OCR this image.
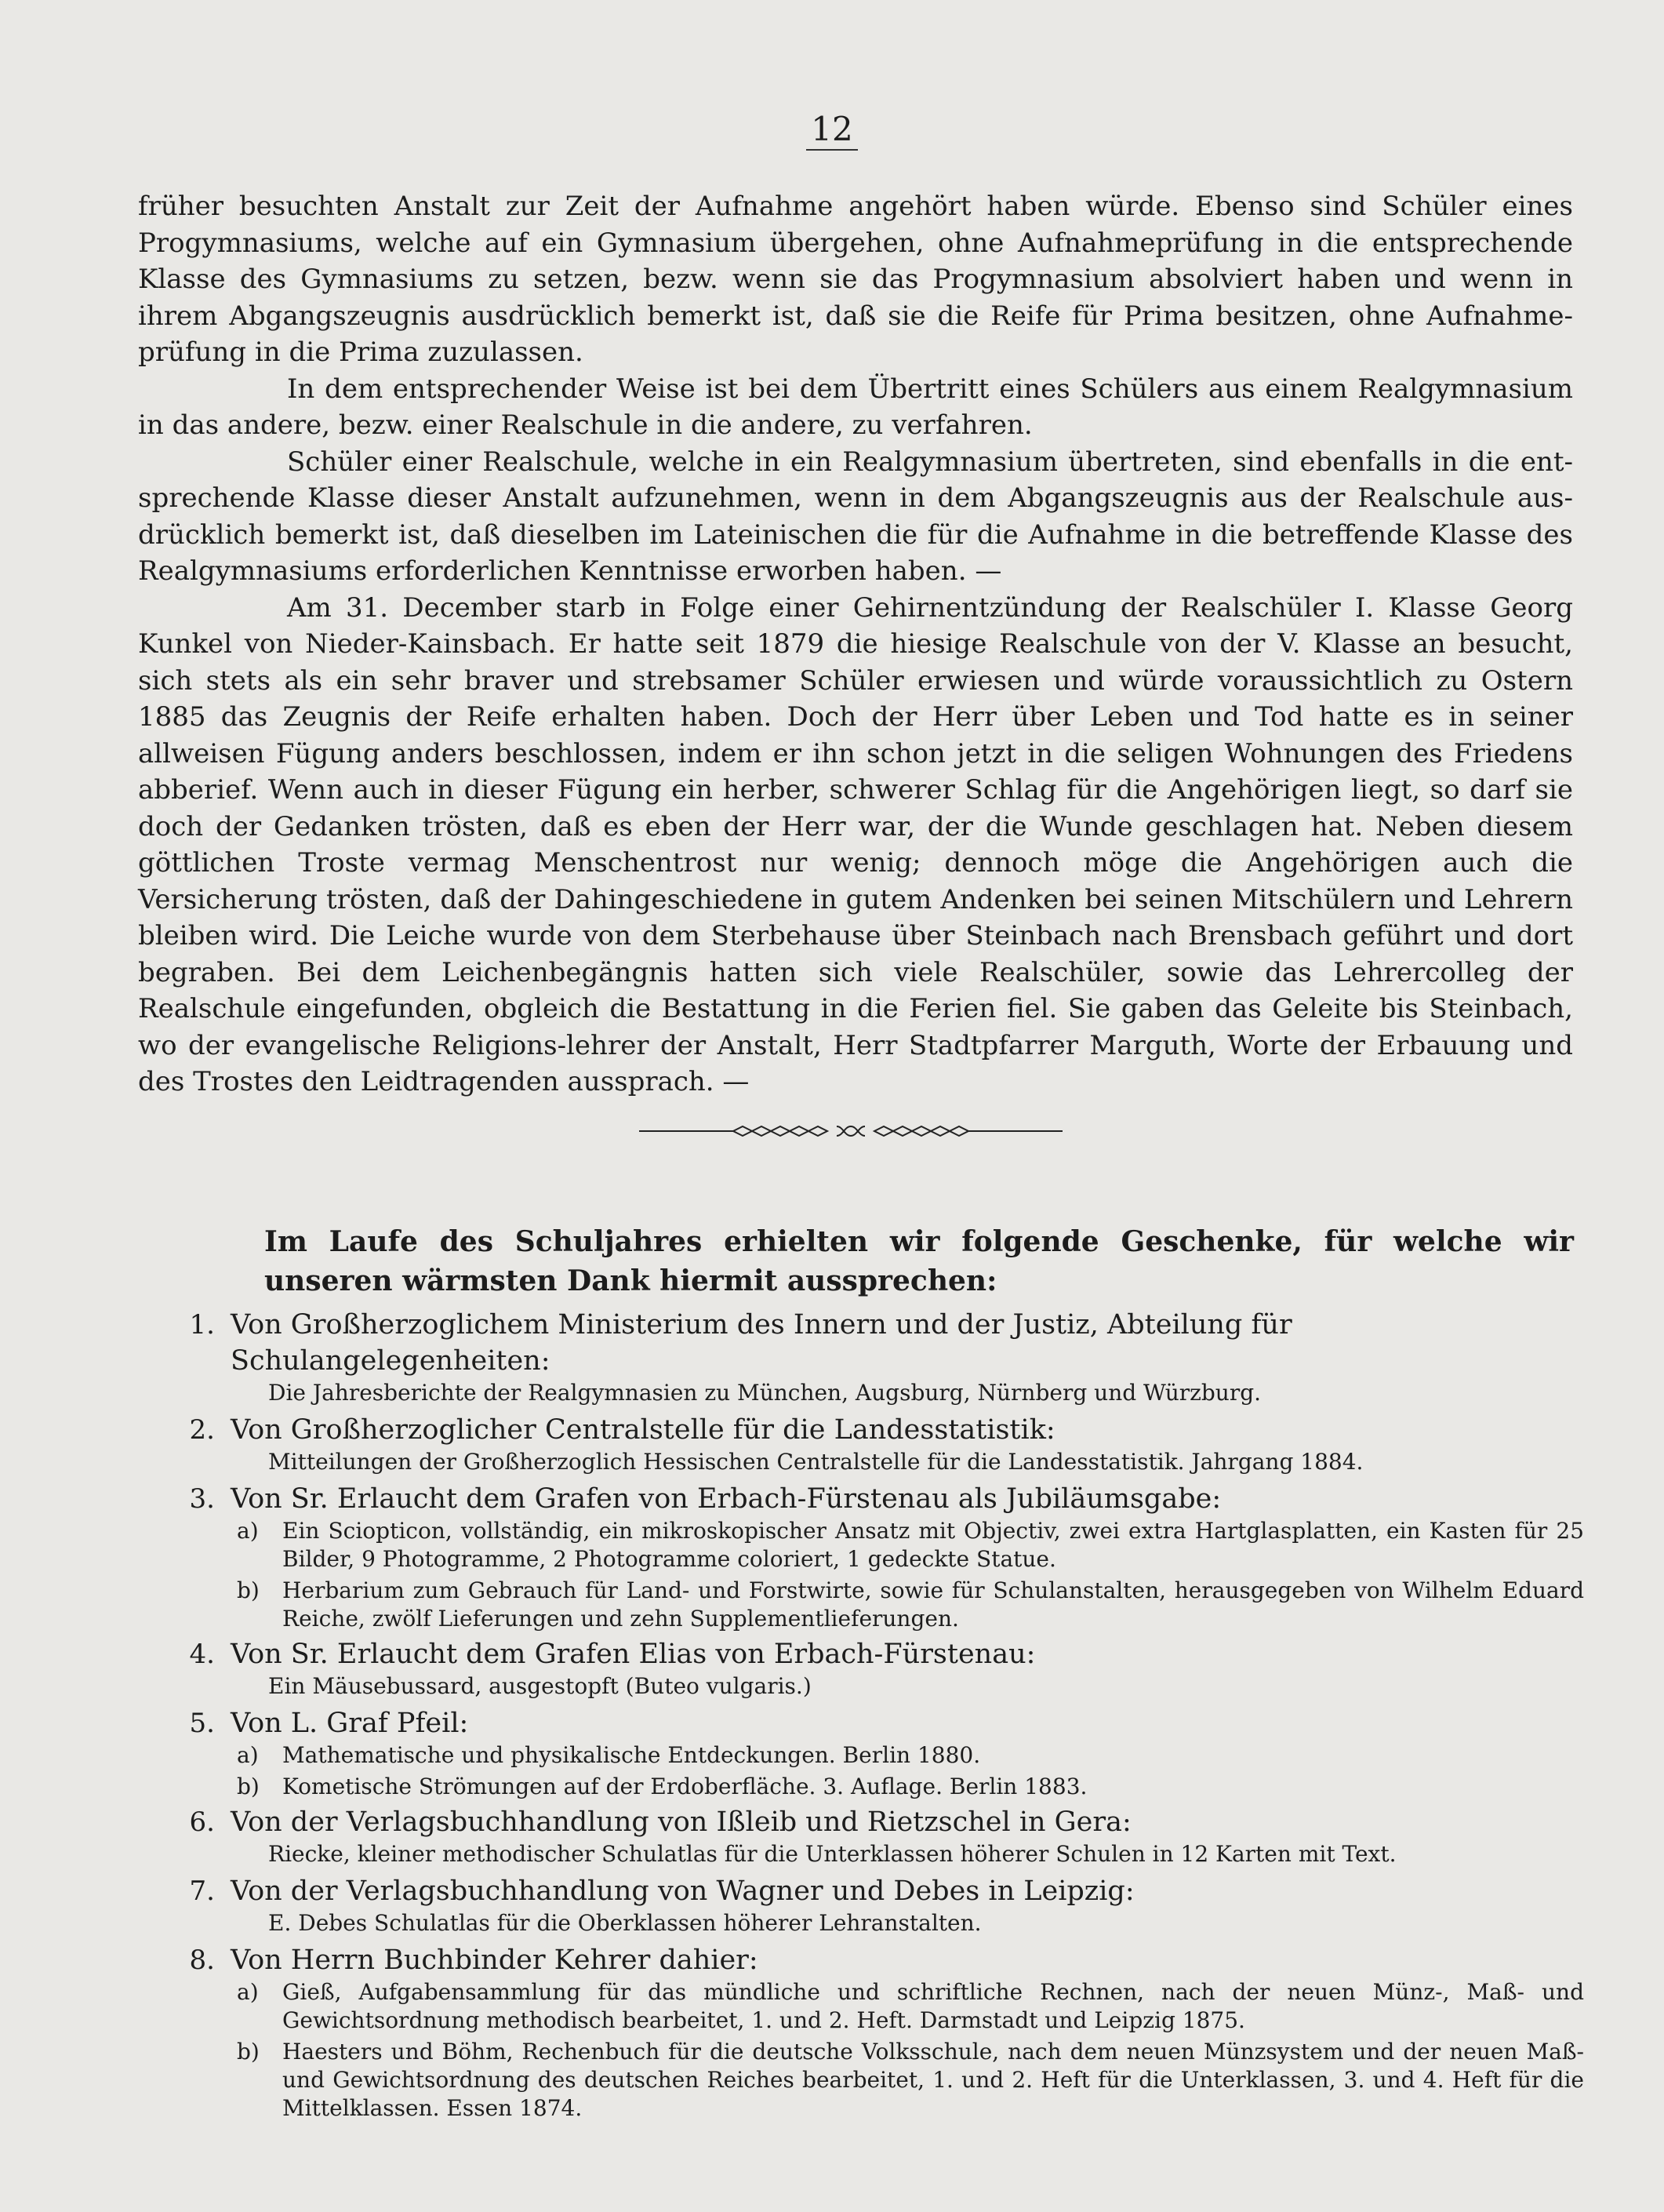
12

früher besuchten Anstalt zur Zeit der Aufnahme angehört haben würde. Ebenso sind Schüler eines Progymnasiums, welche auf ein Gymnasium übergehen, ohne Aufnahmeprüfung in die entsprechende Klasse des Gymnasiums zu setzen, bezw. wenn sie das Progymnasium absolviert haben und wenn in ihrem Abgangszeugnis ausdrücklich bemerkt ist, daß sie die Reife für Prima besitzen, ohne Aufnahme-prüfung in die Prima zuzulassen.

In dem entsprechender Weise ist bei dem Übertritt eines Schülers aus einem Realgymnasium in das andere, bezw. einer Realschule in die andere, zu verfahren.

Schüler einer Realschule, welche in ein Realgymnasium übertreten, sind ebenfalls in die ent-sprechende Klasse dieser Anstalt aufzunehmen, wenn in dem Abgangszeugnis aus der Realschule aus-drücklich bemerkt ist, daß dieselben im Lateinischen die für die Aufnahme in die betreffende Klasse des Realgymnasiums erforderlichen Kenntnisse erworben haben. —

Am 31. December starb in Folge einer Gehirnentzündung der Realschüler I. Klasse Georg Kunkel von Nieder-Kainsbach. Er hatte seit 1879 die hiesige Realschule von der V. Klasse an besucht, sich stets als ein sehr braver und strebsamer Schüler erwiesen und würde voraussichtlich zu Ostern 1885 das Zeugnis der Reife erhalten haben. Doch der Herr über Leben und Tod hatte es in seiner allweisen Fügung anders beschlossen, indem er ihn schon jetzt in die seligen Wohnungen des Friedens abberief. Wenn auch in dieser Fügung ein herber, schwerer Schlag für die Angehörigen liegt, so darf sie doch der Gedanken trösten, daß es eben der Herr war, der die Wunde geschlagen hat. Neben diesem göttlichen Troste vermag Menschentrost nur wenig; dennoch möge die Angehörigen auch die Versicherung trösten, daß der Dahingeschiedene in gutem Andenken bei seinen Mitschülern und Lehrern bleiben wird. Die Leiche wurde von dem Sterbehause über Steinbach nach Brensbach geführt und dort begraben. Bei dem Leichenbegängnis hatten sich viele Realschüler, sowie das Lehrercolleg der Realschule eingefunden, obgleich die Bestattung in die Ferien fiel. Sie gaben das Geleite bis Steinbach, wo der evangelische Religions-lehrer der Anstalt, Herr Stadtpfarrer Marguth, Worte der Erbauung und des Trostes den Leidtragenden aussprach. —

Im Laufe des Schuljahres erhielten wir folgende Geschenke, für welche wir unseren wärmsten Dank hiermit aussprechen:
1. Von Großherzoglichem Ministerium des Innern und der Justiz, Abteilung für Schulangelegenheiten:
Die Jahresberichte der Realgymnasien zu München, Augsburg, Nürnberg und Würzburg.
2. Von Großherzoglicher Centralstelle für die Landesstatistik:
Mitteilungen der Großherzoglich Hessischen Centralstelle für die Landesstatistik. Jahrgang 1884.
3. Von Sr. Erlaucht dem Grafen von Erbach-Fürstenau als Jubiläumsgabe:
a) Ein Sciopticon, vollständig, ein mikroskopischer Ansatz mit Objectiv, zwei extra Hartglasplatten, ein Kasten für 25 Bilder, 9 Photogramme, 2 Photogramme coloriert, 1 gedeckte Statue.
b) Herbarium zum Gebrauch für Land- und Forstwirte, sowie für Schulanstalten, herausgegeben von Wilhelm Eduard Reiche, zwölf Lieferungen und zehn Supplementlieferungen.
4. Von Sr. Erlaucht dem Grafen Elias von Erbach-Fürstenau:
Ein Mäusebussard, ausgestopft (Buteo vulgaris.)
5. Von L. Graf Pfeil:
a) Mathematische und physikalische Entdeckungen. Berlin 1880.
b) Kometische Strömungen auf der Erdoberfläche. 3. Auflage. Berlin 1883.
6. Von der Verlagsbuchhandlung von Ißleib und Rietzschel in Gera:
Riecke, kleiner methodischer Schulatlas für die Unterklassen höherer Schulen in 12 Karten mit Text.
7. Von der Verlagsbuchhandlung von Wagner und Debes in Leipzig:
E. Debes Schulatlas für die Oberklassen höherer Lehranstalten.
8. Von Herrn Buchbinder Kehrer dahier:
a) Gieß, Aufgabensammlung für das mündliche und schriftliche Rechnen, nach der neuen Münz-, Maß- und Gewichtsordnung methodisch bearbeitet, 1. und 2. Heft. Darmstadt und Leipzig 1875.
b) Haesters und Böhm, Rechenbuch für die deutsche Volksschule, nach dem neuen Münzsystem und der neuen Maß- und Gewichtsordnung des deutschen Reiches bearbeitet, 1. und 2. Heft für die Unterklassen, 3. und 4. Heft für die Mittelklassen. Essen 1874.
